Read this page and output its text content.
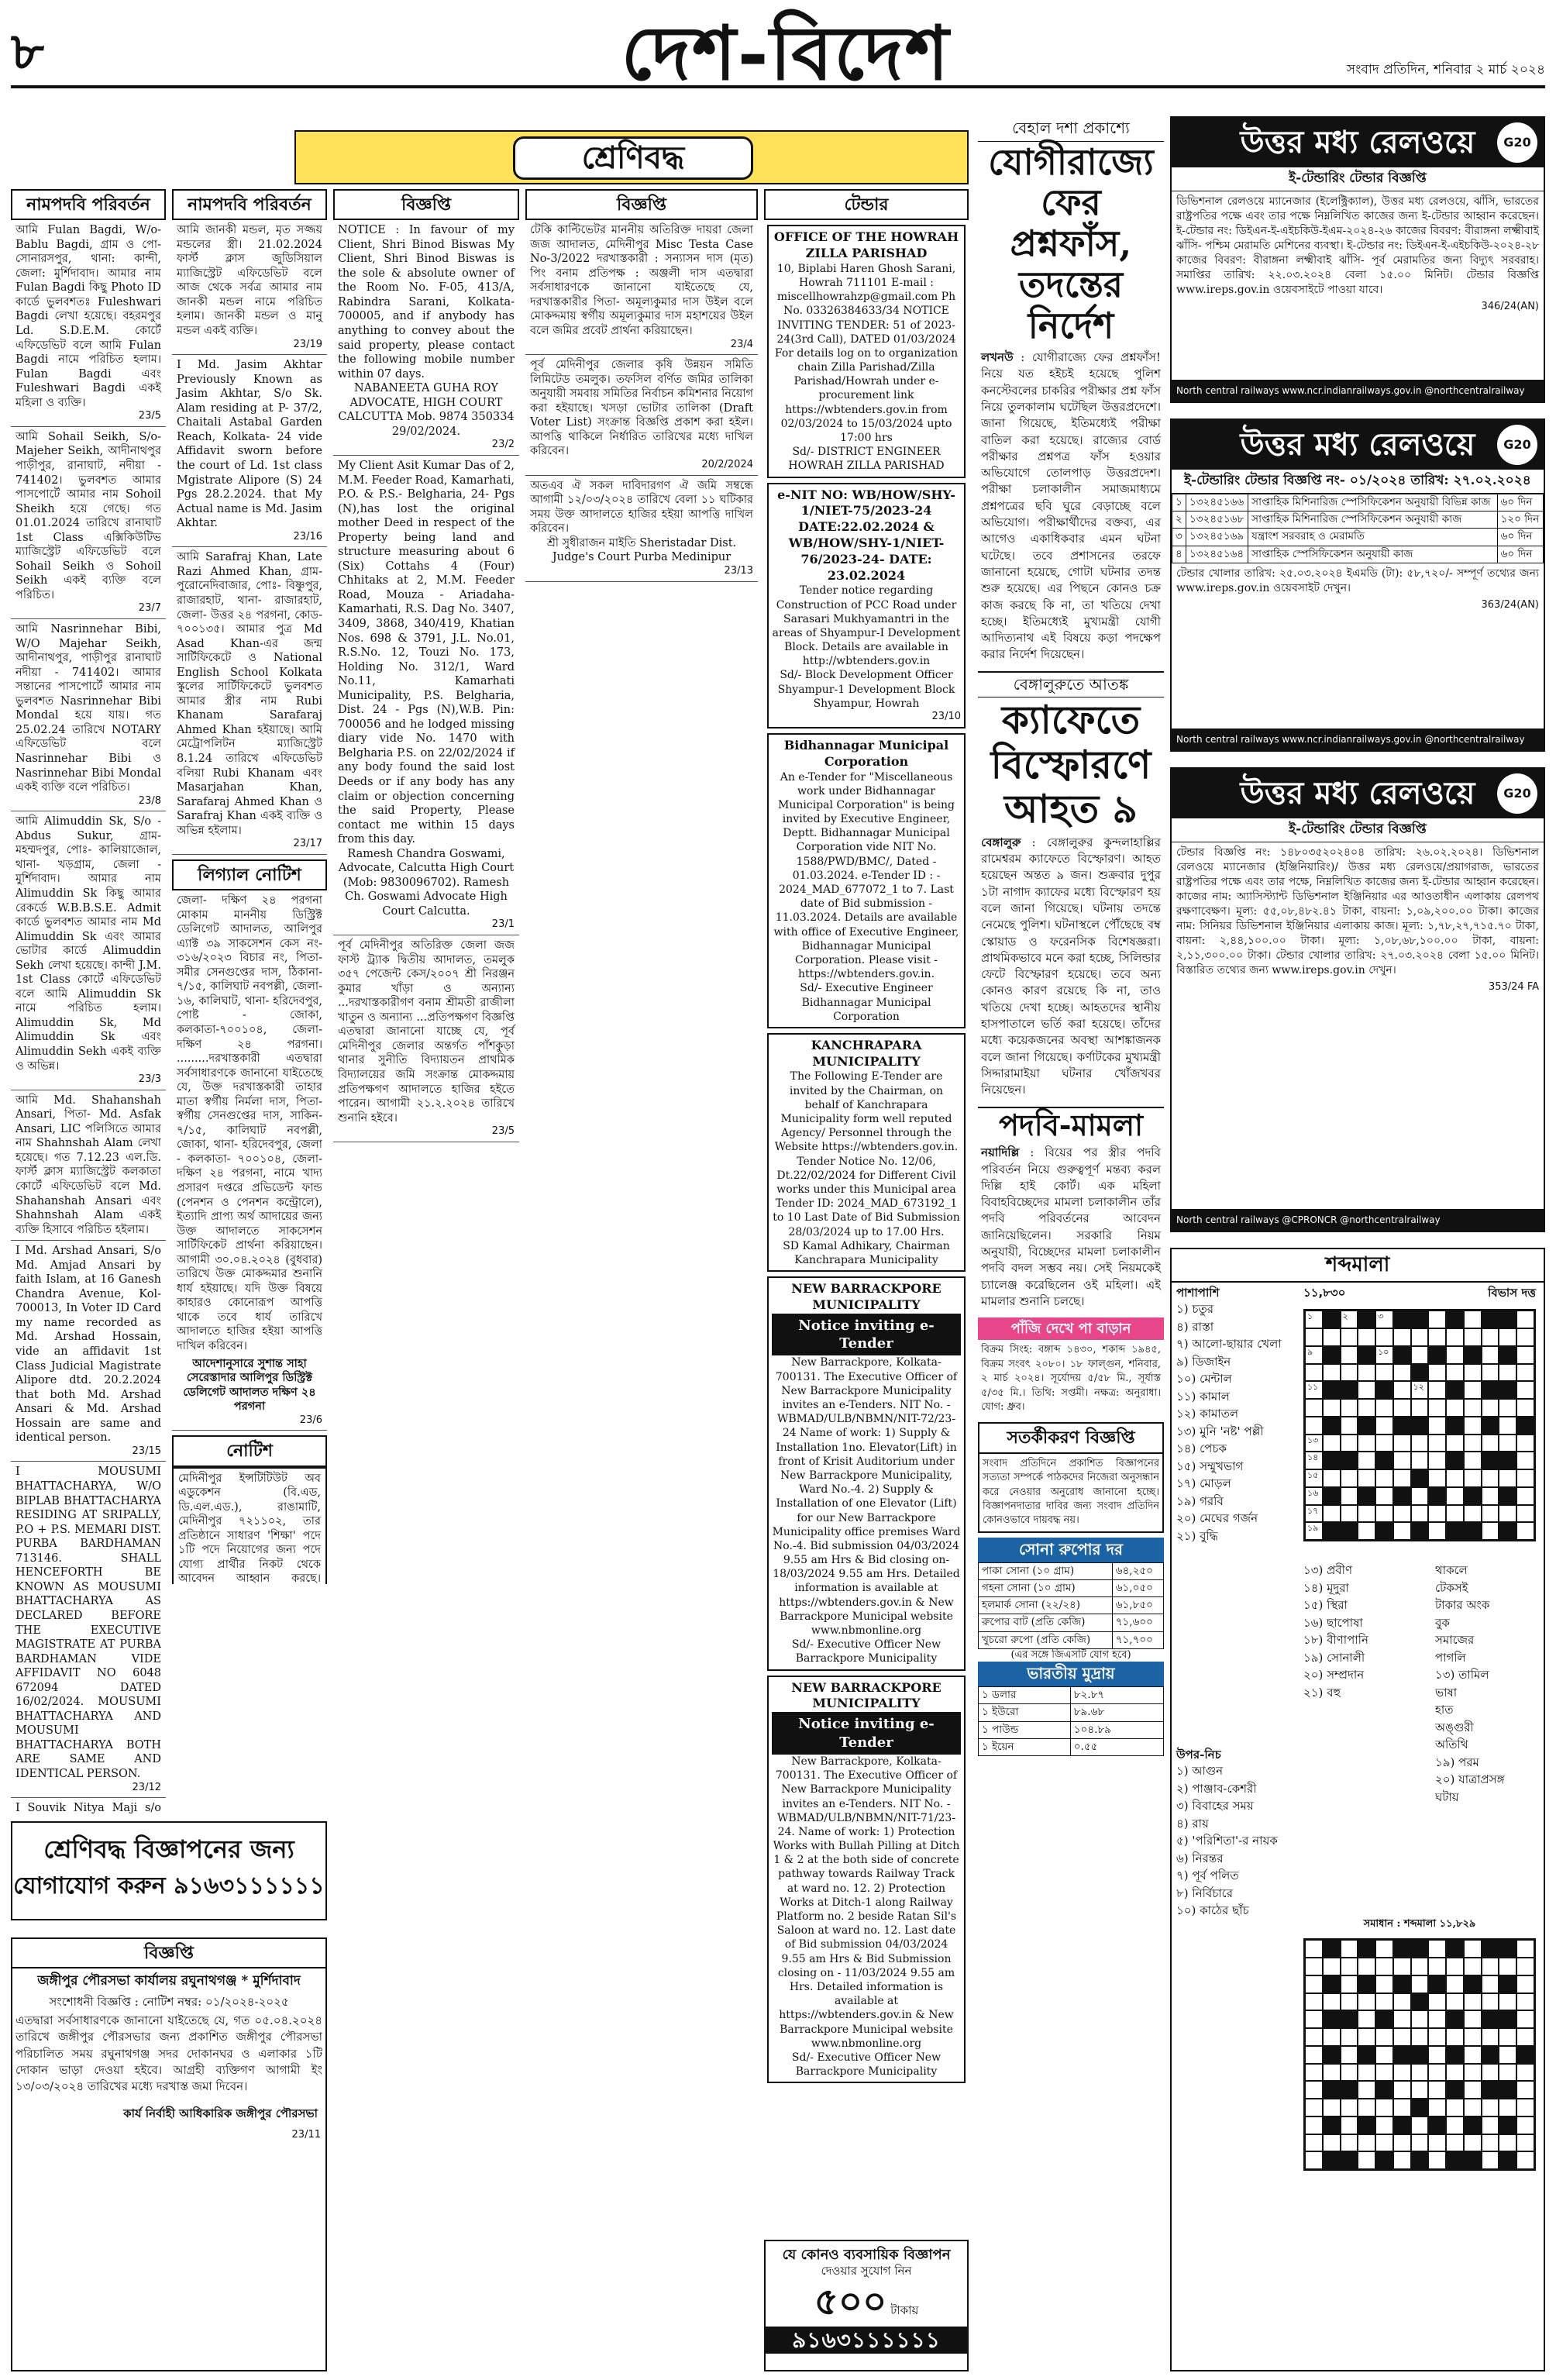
৮	দেশ-বিদেশ	সংবাদ প্রতিদিন, শনিবার ২ মার্চ ২০২৪
শ্রেণিবদ্ধ
নামপদবি পরিবর্তন
আমি Fulan Bagdi, W/o- Bablu Bagdi, গ্রাম ও পো- সোনারসপুর, থানা: কান্দী, জেলা: মুর্শিদাবাদ। আমার নাম Fulan Bagdi কিছু Photo ID কার্ডে ভুলবশতঃ Fuleshwari Bagdi লেখা হয়েছে। বহরমপুর Ld. S.D.E.M. কোর্টে এফিডেভিট বলে আমি Fulan Bagdi নামে পরিচিত হলাম। Fulan Bagdi এবং Fuleshwari Bagdi একই মহিলা ও ব্যক্তি।
23/5
আমি Sohail Seikh, S/o- Majeher Seikh, আদীনাথপুর পাড়ীপুর, রানাঘাট, নদীয়া - 741402। ভুলবশত আমার পাসপোর্টে আমার নাম Sohoil Sheikh হয়ে গেছে। গত 01.01.2024 তারিখে রানাঘাট 1st Class এক্সিকিউটিভ ম্যাজিস্ট্রেট এফিডেভিট বলে Sohail Seikh ও Sohoil Seikh একই ব্যক্তি বলে পরিচিত।
23/7
আমি Nasrinnehar Bibi, W/O Majehar Seikh, আদীনাথপুর, পাড়ীপুর রানাঘাট নদীয়া - 741402। আমার সন্তানের পাসপোর্টে আমার নাম ভুলবশত Nasrinnehar Bibi Mondal হয়ে যায়। গত 25.02.24 তারিখে NOTARY এফিডেভিট বলে Nasrinnehar Bibi ও Nasrinnehar Bibi Mondal একই ব্যক্তি বলে পরিচিত।
23/8
আমি Alimuddin Sk, S/o - Abdus Sukur, গ্রাম- মহম্মদপুর, পোঃ- কালিয়াজোল, থানা- খড়গ্রাম, জেলা - মুর্শিদাবাদ। আমার নাম Alimuddin Sk কিছু আমার রেকর্ডে W.B.B.S.E. Admit কার্ডে ভুলবশত আমার নাম Md Alimuddin Sk এবং আমার ভোটার কার্ডে Alimuddin Sekh লেখা হয়েছে। কান্দী J.M. 1st Class কোর্টে এফিডেভিট বলে আমি Alimuddin Sk নামে পরিচিত হলাম। Alimuddin Sk, Md Alimuddin Sk এবং Alimuddin Sekh একই ব্যক্তি ও অভিন্ন।
23/3
আমি Md. Shahanshah Ansari, পিতা- Md. Asfak Ansari, LIC পলিসিতে আমার নাম Shahnshah Alam লেখা হয়েছে। গত 7.12.23 এল.ডি. ফার্স্ট ক্লাস ম্যাজিস্ট্রেট কলকাতা কোর্টে এফিডেভিট বলে Md. Shahanshah Ansari এবং Shahnshah Alam একই ব্যক্তি হিসাবে পরিচিত হইলাম।
I Md. Arshad Ansari, S/o Md. Amjad Ansari by faith Islam, at 16 Ganesh Chandra Avenue, Kol- 700013, In Voter ID Card my name recorded as Md. Arshad Hossain, vide an affidavit 1st Class Judicial Magistrate Alipore dtd. 20.2.2024 that both Md. Arshad Ansari & Md. Arshad Hossain are same and identical person.
23/15
I MOUSUMI BHATTACHARYA, W/O BIPLAB BHATTACHARYA RESIDING AT SRIPALLY, P.O + P.S. MEMARI DIST. PURBA BARDHAMAN 713146. SHALL HENCEFORTH BE KNOWN AS MOUSUMI BHATTACHARYA AS DECLARED BEFORE THE EXECUTIVE MAGISTRATE AT PURBA BARDHAMAN VIDE AFFIDAVIT NO 6048 672094 DATED 16/02/2024. MOUSUMI BHATTACHARYA AND MOUSUMI BHATTACHARYA BOTH ARE SAME AND IDENTICAL PERSON.
23/12
I Souvik Nitya Maji s/o
নামপদবি পরিবর্তন
আমি জানকী মন্ডল, মৃত সজ্জয় মন্ডলের স্ত্রী। 21.02.2024 ফার্স্ট ক্লাস জুডিসিয়াল ম্যাজিস্ট্রেট এফিডেভিট বলে আজ থেকে সর্বত্র আমার নাম জানকী মন্ডল নামে পরিচিত হলাম। জানকী মন্ডল ও মানু মন্ডল একই ব্যক্তি।
23/19
I Md. Jasim Akhtar Previously Known as Jasim Akhtar, S/o Sk. Alam residing at P- 37/2, Chaitali Astabal Garden Reach, Kolkata- 24 vide Affidavit sworn before the court of Ld. 1st class Mgistrate Alipore (S) 24 Pgs 28.2.2024. that My Actual name is Md. Jasim Akhtar.
23/16
আমি Sarafraj Khan, Late Razi Ahmed Khan, গ্রাম- পুরোনেদিবাজার, পোঃ- বিষ্ণুপুর, রাজারহাট, থানা- রাজারহাট, জেলা- উত্তর ২৪ পরগনা, কোড- ৭০০১৩৫। আমার পুত্র Md Asad Khan-এর জন্ম সার্টিফিকেটে ও National English School Kolkata স্কুলের সার্টিফিকেটে ভুলবশত আমার স্ত্রীর নাম Rubi Khanam Sarafaraj Ahmed Khan হইয়াছে। আমি মেট্রোপলিটন ম্যাজিস্ট্রেট 8.1.24 তারিখে এফিডেভিট বলিয়া Rubi Khanam এবং Masarjahan Khan, Sarafaraj Ahmed Khan ও Sarafraj Khan একই ব্যক্তি ও অভিন্ন হইলাম।
23/17
লিগ্যাল নোটিশ
জেলা- দক্ষিণ ২৪ পরগনা মোকাম মাননীয় ডিস্ট্রিক্ট ডেলিগেট আদালত, আলিপুর এ্যাক্ট ৩৯ সাকসেশন কেস নং- ৩১৬/২০২৩ বিচার নং, পিতা- সমীর সেনগুপ্তের দাস, ঠিকানা- ৭/১৫, কালিঘাট নবপল্লী, জেলা- ১৬, কালিঘাট, থানা- হরিদেবপুর, পোষ্ট - জোকা, কলকাতা-৭০০১০৪, জেলা- দক্ষিণ ২৪ পরগনা। .........দরখাস্তকারী এতদ্বারা সর্বসাধারণকে জানানো যাইতেছে যে, উক্ত দরখাস্তকারী তাহার মাতা স্বর্গীয় নির্মলা দাস, পিতা- স্বর্গীয় সেনগুপ্তের দাস, সাকিন- ৭/১৫, কালিঘাট নবপল্লী, জোকা, থানা- হরিদেবপুর, জেলা - কলকাতা- ৭০০১০৪, জেলা- দক্ষিণ ২৪ পরগনা, নামে খাদ্য প্রসারণ দপ্তরে প্রভিডেন্ট ফান্ড (পেনশন ও পেনশন কন্ট্রোলে), ইত্যাদি প্রাপ্য অর্থ আদায়ের জন্য উক্ত আদালতে সাকসেশন সার্টিফিকেট প্রার্থনা করিয়াছেন। আগামী ৩০.০৪.২০২৪ (বুধবার) তারিখে উক্ত মোকদ্দমার শুনানি ধার্য হইয়াছে। যদি উক্ত বিষয়ে কাহারও কোনোরূপ আপত্তি থাকে তবে ধার্য তারিখে আদালতে হাজির হইয়া আপত্তি দাখিল করিবেন।
আদেশানুসারে সুশান্ত সাহা সেরেস্তাদার আলিপুর ডিস্ট্রিক্ট ডেলিগেট আদালত দক্ষিণ ২৪ পরগনা
23/6
নোটিশ
মেদিনীপুর ইন্সটিটিউট অব এডুকেশন (বি.এড, ডি.এল.এড.), রাঙামাটি, মেদিনীপুর ৭২১১০২, তার প্রতিষ্ঠানে সাধারণ 'শিক্ষা' পদে ১টি পদে নিয়োগের জন্য পদে যোগ্য প্রার্থীর নিকট থেকে আবেদন আহ্বান করছে।
শ্রেণিবদ্ধ বিজ্ঞাপনের জন্য
যোগাযোগ করুন ৯১৬৩১১১১১১
বিজ্ঞপ্তি
জঙ্গীপুর পৌরসভা কার্যালয় রঘুনাথগঞ্জ * মুর্শিদাবাদ
সংশোধনী বিজ্ঞপ্তি : নোটিশ নম্বর: ০১/২০২৪-২০২৫
এতদ্বারা সর্বসাধারণকে জানানো যাইতেছে যে, গত ০৫.০৪.২০২৪ তারিখে জঙ্গীপুর পৌরসভার জন্য প্রকাশিত জঙ্গীপুর পৌরসভা পরিচালিত সময় রঘুনাথগঞ্জ সদর দোকানঘর ও এলাকার ১টি দোকান ভাড়া দেওয়া হইবে। আগ্রহী ব্যক্তিগণ আগামী ইং ১৩/০৩/২০২৪ তারিখের মধ্যে দরখাস্ত জমা দিবেন।
কার্য নির্বাহী আধিকারিক জঙ্গীপুর পৌরসভা
23/11
বিজ্ঞপ্তি
NOTICE : In favour of my Client, Shri Binod Biswas My Client, Shri Binod Biswas is the sole & absolute owner of the Room No. F-05, 413/A, Rabindra Sarani, Kolkata-700005, and if anybody has anything to convey about the said property, please contact the following mobile number within 07 days.
NABANEETA GUHA ROY ADVOCATE, HIGH COURT CALCUTTA Mob. 9874 350334 29/02/2024.
23/2
My Client Asit Kumar Das of 2, M.M. Feeder Road, Kamarhati, P.O. & P.S.- Belgharia, 24- Pgs (N),has lost the original mother Deed in respect of the Property being land and structure measuring about 6 (Six) Cottahs 4 (Four) Chhitaks at 2, M.M. Feeder Road, Mouza - Ariadaha- Kamarhati, R.S. Dag No. 3407, 3409, 3868, 340/419, Khatian Nos. 698 & 3791, J.L. No.01, R.S.No. 12, Touzi No. 173, Holding No. 312/1, Ward No.11, Kamarhati Municipality, P.S. Belgharia, Dist. 24 - Pgs (N),W.B. Pin: 700056 and he lodged missing diary vide No. 1470 with Belgharia P.S. on 22/02/2024 if any body found the said lost Deeds or if any body has any claim or objection concerning the said Property, Please contact me within 15 days from this day.
Ramesh Chandra Goswami, Advocate, Calcutta High Court (Mob: 9830096702). Ramesh Ch. Goswami Advocate High Court Calcutta.
23/1
পূর্ব মেদিনীপুর অতিরিক্ত জেলা জজ ফাস্ট ট্র্যাক দ্বিতীয় আদালত, তমলুক ৩৫৭ পেজেন্ট কেস/২০০৭ শ্রী নিরঞ্জন কুমার খাঁড়া ও অন্যান্য ...দরখাস্তকারীগণ বনাম শ্রীমতী রাজীলা খাতুন ও অন্যান্য ...প্রতিপক্ষগণ বিজ্ঞপ্তি এতদ্বারা জানানো যাচ্ছে যে, পূর্ব মেদিনীপুর জেলার অন্তর্গত পাঁশকুড়া থানার সুনীতি বিদ্যায়তন প্রাথমিক বিদ্যালয়ের জমি সংক্রান্ত মোকদ্দমায় প্রতিপক্ষগণ আদালতে হাজির হইতে পারেন। আগামী ২১.২.২০২৪ তারিখে শুনানি হইবে।
23/5
বিজ্ঞপ্তি
টেকি কাল্টিভেটর মাননীয় অতিরিক্ত দায়রা জেলা জজ আদালত, মেদিনীপুর Misc Testa Case No-3/2022 দরখাস্তকারী : সন্যাসন দাস (মৃত) পিং বনাম প্রতিপক্ষ : অঞ্জলী দাস এতদ্বারা সর্বসাধারণকে জানানো যাইতেছে যে, দরখাস্তকারীর পিতা- অমূল্যকুমার দাস উইল বলে মোকদ্দমায় স্বর্গীয় অমূল্যকুমার দাস মহাশয়ের উইল বলে জমির প্রবেট প্রার্থনা করিয়াছেন।
23/4
পূর্ব মেদিনীপুর জেলার কৃষি উন্নয়ন সমিতি লিমিটেড তমলুক। তফসিল বর্ণিত জমির তালিকা অনুযায়ী সমবায় সমিতির নির্বাচন কমিশনার নিয়োগ করা হইয়াছে। খসড়া ভোটার তালিকা (Draft Voter List) সংক্রান্ত বিজ্ঞপ্তি প্রকাশ করা হইল। আপত্তি থাকিলে নির্ধারিত তারিখের মধ্যে দাখিল করিবেন।
20/2/2024
অতএব ঐ সকল দাবিদারগণ ঐ জমি সম্বন্ধে আগামী ১২/০৩/২০২৪ তারিখে বেলা ১১ ঘটিকার সময় উক্ত আদালতে হাজির হইয়া আপত্তি দাখিল করিবেন।
শ্রী সুধীরাজন মাইতি Sheristadar Dist. Judge's Court Purba Medinipur
23/13
টেন্ডার
OFFICE OF THE HOWRAH ZILLA PARISHAD
10, Biplabi Haren Ghosh Sarani, Howrah 711101 E-mail : miscellhowrahzp@gmail.com Ph No. 03326384633/34 NOTICE INVITING TENDER: 51 of 2023-24(3rd Call), DATED 01/03/2024 For details log on to organization chain Zilla Parishad/Zilla Parishad/Howrah under e-procurement link https://wbtenders.gov.in from 02/03/2024 to 15/03/2024 upto 17:00 hrs
Sd/- DISTRICT ENGINEER HOWRAH ZILLA PARISHAD
e-NIT NO: WB/HOW/SHY-1/NIET-75/2023-24 DATE:22.02.2024 & WB/HOW/SHY-1/NIET-76/2023-24- DATE: 23.02.2024
Tender notice regarding Construction of PCC Road under Sarasari Mukhyamantri in the areas of Shyampur-I Development Block. Details are available in http://wbtenders.gov.in
Sd/- Block Development Officer Shyampur-1 Development Block Shyampur, Howrah
23/10
Bidhannagar Municipal Corporation
An e-Tender for "Miscellaneous work under Bidhannagar Municipal Corporation" is being invited by Executive Engineer, Deptt. Bidhannagar Municipal Corporation vide NIT No. 1588/PWD/BMC/, Dated - 01.03.2024. e-Tender ID : - 2024_MAD_677072_1 to 7. Last date of Bid submission - 11.03.2024. Details are available with office of Executive Engineer, Bidhannagar Municipal Corporation. Please visit - https://wbtenders.gov.in.
Sd/- Executive Engineer Bidhannagar Municipal Corporation
KANCHRAPARA MUNICIPALITY
The Following E-Tender are invited by the Chairman, on behalf of Kanchrapara Municipality form well reputed Agency/ Personnel through the Website https://wbtenders.gov.in. Tender Notice No. 12/06, Dt.22/02/2024 for Different Civil works under this Municipal area Tender ID: 2024_MAD_673192_1 to 10 Last Date of Bid Submission 28/03/2024 up to 17.00 Hrs.
SD Kamal Adhikary, Chairman Kanchrapara Municipality
NEW BARRACKPORE MUNICIPALITY
Notice inviting e-Tender
New Barrackpore, Kolkata-700131. The Executive Officer of New Barrackpore Municipality invites an e-Tenders. NIT No. - WBMAD/ULB/NBMN/NIT-72/23-24 Name of work: 1) Supply & Installation 1no. Elevator(Lift) in front of Krisit Auditorium under New Barrackpore Municipality, Ward No.-4. 2) Supply & Installation of one Elevator (Lift) for our New Barrackpore Municipality office premises Ward No.-4. Bid submission 04/03/2024 9.55 am Hrs & Bid closing on- 18/03/2024 9.55 am Hrs. Detailed information is available at https://wbtenders.gov.in & New Barrackpore Municipal website www.nbmonline.org
Sd/- Executive Officer New Barrackpore Municipality
NEW BARRACKPORE MUNICIPALITY
Notice inviting e-Tender
New Barrackpore, Kolkata-700131. The Executive Officer of New Barrackpore Municipality invites an e-Tenders. NIT No. - WBMAD/ULB/NBMN/NIT-71/23-24. Name of work: 1) Protection Works with Bullah Pilling at Ditch 1 & 2 at the both side of concrete pathway towards Railway Track at ward no. 12. 2) Protection Works at Ditch-1 along Railway Platform no. 2 beside Ratan Sil's Saloon at ward no. 12. Last date of Bid submission 04/03/2024 9.55 am Hrs & Bid Submission closing on - 11/03/2024 9.55 am Hrs. Detailed information is available at https://wbtenders.gov.in & New Barrackpore Municipal website www.nbmonline.org
Sd/- Executive Officer New Barrackpore Municipality
বেহাল দশা প্রকাশ্যে
যোগীরাজ্যে ফের প্রশ্নফাঁস, তদন্তের নির্দেশ
লখনউ : যোগীরাজ্যে ফের প্রশ্নফাঁস! নিয়ে যত হইচই হয়েছে পুলিশ কনস্টেবলের চাকরির পরীক্ষার প্রশ্ন ফাঁস নিয়ে তুলকালাম ঘটেছিল উত্তরপ্রদেশে। জানা গিয়েছে, ইতিমধ্যেই পরীক্ষা বাতিল করা হয়েছে। রাজ্যের বোর্ড পরীক্ষার প্রশ্নপত্র ফাঁস হওয়ার অভিযোগে তোলপাড় উত্তরপ্রদেশ। পরীক্ষা চলাকালীন সমাজমাধ্যমে প্রশ্নপত্রের ছবি ঘুরে বেড়াচ্ছে বলে অভিযোগ। পরীক্ষার্থীদের বক্তব্য, এর আগেও একাধিকবার এমন ঘটনা ঘটেছে। তবে প্রশাসনের তরফে জানানো হয়েছে, গোটা ঘটনার তদন্ত শুরু হয়েছে। এর পিছনে কোনও চক্র কাজ করছে কি না, তা খতিয়ে দেখা হচ্ছে। ইতিমধ্যেই মুখ্যমন্ত্রী যোগী আদিত্যনাথ এই বিষয়ে কড়া পদক্ষেপ করার নির্দেশ দিয়েছেন।
বেঙ্গালুরুতে আতঙ্ক
ক্যাফেতে বিস্ফোরণে আহত ৯
বেঙ্গালুরু : বেঙ্গালুরুর কুন্দলাহাল্লির রামেশ্বরম ক্যাফেতে বিস্ফোরণ। আহত হয়েছেন অন্তত ৯ জন। শুক্রবার দুপুর ১টা নাগাদ ক্যাফের মধ্যে বিস্ফোরণ হয় বলে জানা গিয়েছে। ঘটনায় তদন্তে নেমেছে পুলিশ। ঘটনাস্থলে পৌঁছেছে বম্ব স্কোয়াড ও ফরেনসিক বিশেষজ্ঞরা। প্রাথমিকভাবে মনে করা হচ্ছে, সিলিন্ডার ফেটে বিস্ফোরণ হয়েছে। তবে অন্য কোনও কারণ রয়েছে কি না, তাও খতিয়ে দেখা হচ্ছে। আহতদের স্থানীয় হাসপাতালে ভর্তি করা হয়েছে। তাঁদের মধ্যে কয়েকজনের অবস্থা আশঙ্কাজনক বলে জানা গিয়েছে। কর্ণাটকের মুখ্যমন্ত্রী সিদ্দারামাইয়া ঘটনার খোঁজখবর নিয়েছেন।
পদবি-মামলা
নয়াদিল্লি : বিয়ের পর স্ত্রীর পদবি পরিবর্তন নিয়ে গুরুত্বপূর্ণ মন্তব্য করল দিল্লি হাই কোর্ট। এক মহিলা বিবাহবিচ্ছেদের মামলা চলাকালীন তাঁর পদবি পরিবর্তনের আবেদন জানিয়েছিলেন। সরকারি নিয়ম অনুযায়ী, বিচ্ছেদের মামলা চলাকালীন পদবি বদল সম্ভব নয়। সেই নিয়মকেই চ্যালেঞ্জ করেছিলেন ওই মহিলা। এই মামলার শুনানি চলছে।
পাঁজি দেখে পা বাড়ান
বিক্রম সিংহ: বঙ্গাব্দ ১৪৩০, শকাব্দ ১৯৪৫, বিক্রম সংবৎ ২০৮০। ১৮ ফাল্গুন, শনিবার, ২ মার্চ ২০২৪। সূর্যোদয় ৫/৫৮ মি., সূর্যাস্ত ৫/৩৫ মি.। তিথি: সপ্তমী। নক্ষত্র: অনুরাধা। যোগ: ধ্রুব।
সতর্কীকরণ বিজ্ঞপ্তি
সংবাদ প্রতিদিনে প্রকাশিত বিজ্ঞাপনের সত্যতা সম্পর্কে পাঠকদের নিজেরা অনুসন্ধান করে নেওয়ার অনুরোধ জানানো হচ্ছে। বিজ্ঞাপনদাতার দাবির জন্য সংবাদ প্রতিদিন কোনওভাবে দায়বদ্ধ নয়।
সোনা রুপোর দর
পাকা সোনা (১০ গ্রাম)	৬৪,২৫০
গহনা সোনা (১০ গ্রাম)	৬১,০৫০
হলমার্ক সোনা (২২/২৪)	৬১,৮৫০
রুপোর বাট (প্রতি কেজি)	৭১,৬০০
খুচরো রুপো (প্রতি কেজি)	৭১,৭০০
(এর সঙ্গে জিএসটি যোগ হবে)
ভারতীয় মুদ্রায়
১ ডলার	৮২.৮৭
১ ইউরো	৮৯.৬৮
১ পাউন্ড	১০৪.৮৯
১ ইয়েন	০.৫৫
যে কোনও ব্যবসায়িক বিজ্ঞাপন
দেওয়ার সুযোগ নিন
৫০০ টাকায়
৯১৬৩১১১১১১
উত্তর মধ্য রেলওয়ে	G20
ই-টেন্ডারিং টেন্ডার বিজ্ঞপ্তি
ডিভিশনাল রেলওয়ে ম্যানেজার (ইলেক্ট্রিক্যাল), উত্তর মধ্য রেলওয়ে, ঝাঁসি, ভারতের রাষ্ট্রপতির পক্ষে এবং তার পক্ষে নিম্নলিখিত কাজের জন্য ই-টেন্ডার আহ্বান করেছেন। ই-টেন্ডার নং: ডিইএন-ই-এইচকিউ-ইএম-২০২৪-২৬ কাজের বিবরণ: বীরাঙ্গনা লক্ষ্মীবাই ঝাঁসি- পশ্চিম মেরামতি মেশিনের ব্যবস্থা। ই-টেন্ডার নং: ডিইএন-ই-এইচকিউ-২০২৪-২৮ কাজের বিবরণ: বীরাঙ্গনা লক্ষ্মীবাই ঝাঁসি- পূর্ব মেরামতির জন্য বিদ্যুৎ সরবরাহ। সমাপ্তির তারিখ: ২২.০৩.২০২৪ বেলা ১৫.০০ মিনিট। টেন্ডার বিজ্ঞপ্তি www.ireps.gov.in ওয়েবসাইটে পাওয়া যাবে।
346/24(AN)
North central railways www.ncr.indianrailways.gov.in @northcentralrailway
উত্তর মধ্য রেলওয়ে	G20
ই-টেন্ডারিং টেন্ডার বিজ্ঞপ্তি নং- ০১/২০২৪ তারিখ: ২৭.০২.২০২৪
১	১৩২৪৫১৬৬	সাপ্তাহিক মিশিনারিজ স্পেসিফিকেশন অনুযায়ী বিভিন্ন কাজ	৬০ দিন
২	১৩২৪৫১৬৮	সাপ্তাহিক মিশিনারিজ স্পেসিফিকেশন অনুযায়ী কাজ	১২০ দিন
৩	১৩২৪৫১৬৯	যন্ত্রাংশ সরবরাহ ও মেরামতি	৬০ দিন
৪	১৩২৪৫১৬৪	সাপ্তাহিক স্পেসিফিকেশন অনুযায়ী কাজ	৬০ দিন
টেন্ডার খোলার তারিখ: ২৫.০৩.২০২৪ ইএমডি (টা): ৫৮,৭২০/- সম্পূর্ণ তথ্যের জন্য www.ireps.gov.in ওয়েবসাইট দেখুন।
363/24(AN)
North central railways www.ncr.indianrailways.gov.in @northcentralrailway
উত্তর মধ্য রেলওয়ে	G20
ই-টেন্ডারিং টেন্ডার বিজ্ঞপ্তি
টেন্ডার বিজ্ঞপ্তি নং: ১৪৮০৩৫২০২৪০৪ তারিখ: ২৬.০২.২০২৪। ডিভিশনাল রেলওয়ে ম্যানেজার (ইঞ্জিনিয়ারিং)/ উত্তর মধ্য রেলওয়ে/প্রয়াগরাজ, ভারতের রাষ্ট্রপতির পক্ষে এবং তার পক্ষে, নিম্নলিখিত কাজের জন্য ই-টেন্ডার আহ্বান করেছেন। কাজের নাম: অ্যাসিস্ট্যান্ট ডিভিশনাল ইঞ্জিনিয়ার এর আওতাধীন এলাকায় রেলপথ রক্ষণাবেক্ষণ। মূল্য: ৫৫,০৮,৪৮২.৪১ টাকা, বায়না: ১,০৯,২০০.০০ টাকা। কাজের নাম: সিনিয়র ডিভিশনাল ইঞ্জিনিয়ার এলাকায় কাজ। মূল্য: ১,৭৮,২৭,৭১৫.৭০ টাকা, বায়না: ২,৪৪,১০০.০০ টাকা। মূল্য: ১,০৮,৬৮,১০০.০০ টাকা, বায়না: ২,১১,৩০০.০০ টাকা। টেন্ডার খোলার তারিখ: ২৭.০৩.২০২৪ বেলা ১৫.০০ মিনিট। বিস্তারিত তথ্যের জন্য www.ireps.gov.in দেখুন।
353/24 FA
North central railways @CPRONCR @northcentralrailway
শব্দমালা
পাশাপাশি
১) চতুর
৪) রাস্তা
৭) আলো-ছায়ার খেলা
৯) ডিজাইন
১০) মেন্টাল
১১) কামাল
১২) কামাতল
১৩) মুনি 'নষ্ট' পল্লী
১৪) পেচক
১৫) সম্মুখভাগ
১৭) মোড়ল
১৯) গরবি
২০) মেঘের গর্জন
২১) বুদ্ধি
১১,৮৩০	বিভাস দত্ত
১	২	৩
৯	১০
১১	১২
১৩
১৪
১৫
১৬
১৭
১৯
উপর-নিচ
১) আগুন
২) পাঞ্জাব-কেশরী
৩) বিবাহের সময়
৪) রায়
৫) 'পরিশিতা'-র নায়ক
৬) নিরন্তর
৭) পূর্ব পলিত
৮) নির্বিচারে
১০) কাঠের ছাঁচ
১৩) প্রবীণ
১৪) মূদুরা
১৫) স্থিরা
১৬) ছাপোষা
১৮) বীণাপানি
১৯) সোনালী
২০) সম্প্রদান
২১) বহু
থাকলে
টেকসই
টাকার অংক
বুক
সমাজের
পাগলি
১৩) তামিল
ভাষা
হাত
অঙ্গুরী
অতিথি
১৯) পরম
২০) যাত্রাপ্রসঙ্গ
ঘটায়
সমাধান : শব্দমালা ১১,৮২৯
